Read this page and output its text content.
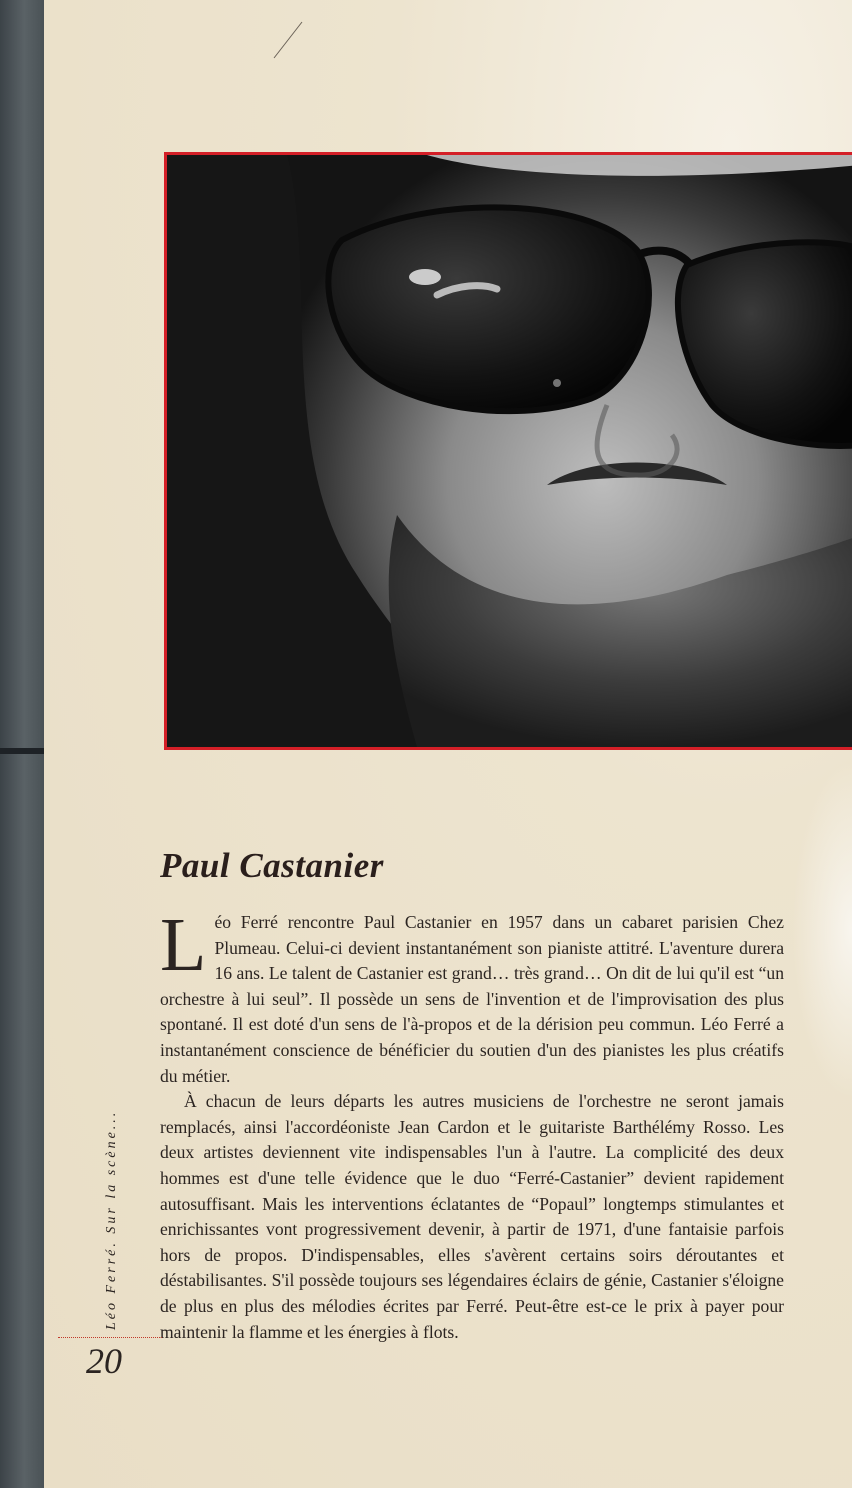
Paul Castanier

Léo Ferré rencontre Paul Castanier en 1957 dans un cabaret parisien Chez Plumeau. Celui-ci devient instantanément son pianiste attitré. L'aventure durera 16 ans. Le talent de Castanier est grand… très grand… On dit de lui qu'il est “un orchestre à lui seul”. Il possède un sens de l'invention et de l'improvisation des plus spontané. Il est doté d'un sens de l'à-propos et de la dérision peu commun. Léo Ferré a instantanément conscience de bénéficier du soutien d'un des pianistes les plus créatifs du métier.

À chacun de leurs départs les autres musiciens de l'orchestre ne seront jamais remplacés, ainsi l'accordéoniste Jean Cardon et le guitariste Barthélémy Rosso. Les deux artistes deviennent vite indispensables l'un à l'autre. La complicité des deux hommes est d'une telle évidence que le duo “Ferré-Castanier” devient rapidement autosuffisant. Mais les interventions éclatantes de “Popaul” longtemps stimulantes et enrichissantes vont progressivement devenir, à partir de 1971, d'une fantaisie parfois hors de propos. D'indispensables, elles s'avèrent certains soirs déroutantes et déstabilisantes. S'il possède toujours ses légendaires éclairs de génie, Castanier s'éloigne de plus en plus des mélodies écrites par Ferré. Peut-être est-ce le prix à payer pour maintenir la flamme et les énergies à flots.

Léo Ferré. Sur la scène...
20
